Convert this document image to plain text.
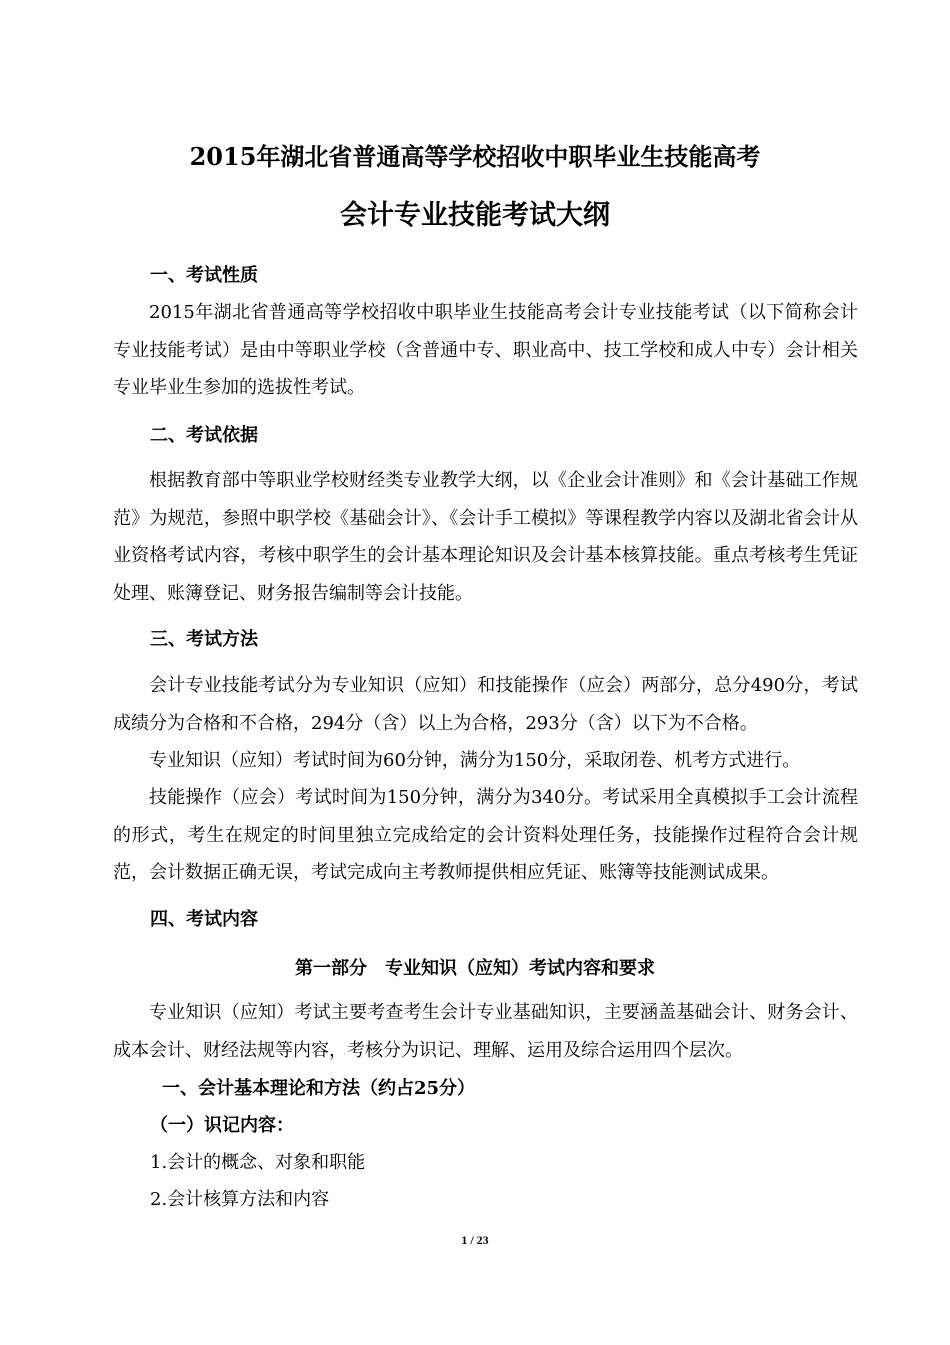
2015年湖北省普通高等学校招收中职毕业生技能高考
会计专业技能考试大纲
一、考试性质
2015年湖北省普通高等学校招收中职毕业生技能高考会计专业技能考试（以下简称会计专业技能考试）是由中等职业学校（含普通中专、职业高中、技工学校和成人中专）会计相关专业毕业生参加的选拔性考试。
二、考试依据
根据教育部中等职业学校财经类专业教学大纲，以《企业会计准则》和《会计基础工作规范》为规范，参照中职学校《基础会计》、《会计手工模拟》等课程教学内容以及湖北省会计从业资格考试内容，考核中职学生的会计基本理论知识及会计基本核算技能。重点考核考生凭证处理、账簿登记、财务报告编制等会计技能。
三、考试方法
会计专业技能考试分为专业知识（应知）和技能操作（应会）两部分，总分490分，考试成绩分为合格和不合格，294分（含）以上为合格，293分（含）以下为不合格。
专业知识（应知）考试时间为60分钟，满分为150分，采取闭卷、机考方式进行。
技能操作（应会）考试时间为150分钟，满分为340分。考试采用全真模拟手工会计流程的形式，考生在规定的时间里独立完成给定的会计资料处理任务，技能操作过程符合会计规范，会计数据正确无误，考试完成向主考教师提供相应凭证、账簿等技能测试成果。
四、考试内容
第一部分　专业知识（应知）考试内容和要求
专业知识（应知）考试主要考查考生会计专业基础知识，主要涵盖基础会计、财务会计、成本会计、财经法规等内容，考核分为识记、理解、运用及综合运用四个层次。
一、会计基本理论和方法（约占25分）
（一）识记内容：
1.会计的概念、对象和职能
2.会计核算方法和内容
1 / 23
